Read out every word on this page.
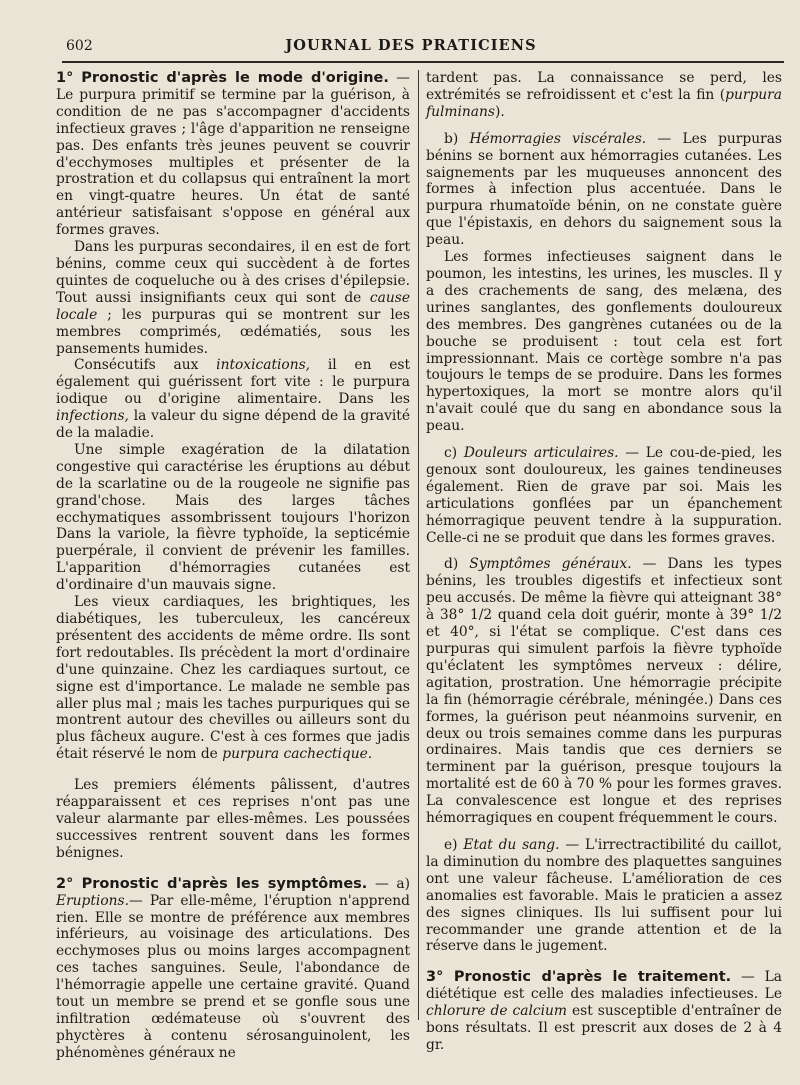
602	JOURNAL DES PRATICIENS

1° Pronostic d'après le mode d'origine. — Le purpura primitif se termine par la guérison, à condition de ne pas s'accompagner d'accidents infectieux graves ; l'âge d'apparition ne renseigne pas. Des enfants très jeunes peuvent se couvrir d'ecchymoses multiples et présenter de la prostration et du collapsus qui entraînent la mort en vingt-quatre heures. Un état de santé antérieur satisfaisant s'oppose en général aux formes graves.

Dans les purpuras secondaires, il en est de fort bénins, comme ceux qui succèdent à de fortes quintes de coqueluche ou à des crises d'épilepsie. Tout aussi insignifiants ceux qui sont de cause locale ; les purpuras qui se montrent sur les membres comprimés, œdématiés, sous les pansements humides.

Consécutifs aux intoxications, il en est également qui guérissent fort vite : le purpura iodique ou d'origine alimentaire. Dans les infections, la valeur du signe dépend de la gravité de la maladie.

Une simple exagération de la dilatation congestive qui caractérise les éruptions au début de la scarlatine ou de la rougeole ne signifie pas grand'chose. Mais des larges tâches ecchymatiques assombrissent toujours l'horizon Dans la variole, la fièvre typhoïde, la septicémie puerpérale, il convient de prévenir les familles. L'apparition d'hémorragies cutanées est d'ordinaire d'un mauvais signe.

Les vieux cardiaques, les brightiques, les diabétiques, les tuberculeux, les cancéreux présentent des accidents de même ordre. Ils sont fort redoutables. Ils précèdent la mort d'ordinaire d'une quinzaine. Chez les cardiaques surtout, ce signe est d'importance. Le malade ne semble pas aller plus mal ; mais les taches purpuriques qui se montrent autour des chevilles ou ailleurs sont du plus fâcheux augure. C'est à ces formes que jadis était réservé le nom de purpura cachectique.

Les premiers éléments pâlissent, d'autres réapparaissent et ces reprises n'ont pas une valeur alarmante par elles-mêmes. Les poussées successives rentrent souvent dans les formes bénignes.

2° Pronostic d'après les symptômes. — a) Eruptions.— Par elle-même, l'éruption n'apprend rien. Elle se montre de préférence aux membres inférieurs, au voisinage des articulations. Des ecchymoses plus ou moins larges accompagnent ces taches sanguines. Seule, l'abondance de l'hémorragie appelle une certaine gravité. Quand tout un membre se prend et se gonfle sous une infiltration œdémateuse où s'ouvrent des phyctères à contenu sérosanguinolent, les phénomènes généraux ne

tardent pas. La connaissance se perd, les extrémités se refroidissent et c'est la fin (purpura fulminans).

b) Hémorragies viscérales. — Les purpuras bénins se bornent aux hémorragies cutanées. Les saignements par les muqueuses annoncent des formes à infection plus accentuée. Dans le purpura rhumatoïde bénin, on ne constate guère que l'épistaxis, en dehors du saignement sous la peau.

Les formes infectieuses saignent dans le poumon, les intestins, les urines, les muscles. Il y a des crachements de sang, des melæna, des urines sanglantes, des gonflements douloureux des membres. Des gangrènes cutanées ou de la bouche se produisent : tout cela est fort impressionnant. Mais ce cortège sombre n'a pas toujours le temps de se produire. Dans les formes hypertoxiques, la mort se montre alors qu'il n'avait coulé que du sang en abondance sous la peau.

c) Douleurs articulaires. — Le cou-de-pied, les genoux sont douloureux, les gaines tendineuses également. Rien de grave par soi. Mais les articulations gonflées par un épanchement hémorragique peuvent tendre à la suppuration. Celle-ci ne se produit que dans les formes graves.

d) Symptômes généraux. — Dans les types bénins, les troubles digestifs et infectieux sont peu accusés. De même la fièvre qui atteignant 38° à 38° 1/2 quand cela doit guérir, monte à 39° 1/2 et 40°, si l'état se complique. C'est dans ces purpuras qui simulent parfois la fièvre typhoïde qu'éclatent les symptômes nerveux : délire, agitation, prostration. Une hémorragie précipite la fin (hémorragie cérébrale, méningée.) Dans ces formes, la guérison peut néanmoins survenir, en deux ou trois semaines comme dans les purpuras ordinaires. Mais tandis que ces derniers se terminent par la guérison, presque toujours la mortalité est de 60 à 70 % pour les formes graves. La convalescence est longue et des reprises hémorragiques en coupent fréquemment le cours.

e) Etat du sang. — L'irrectractibilité du caillot, la diminution du nombre des plaquettes sanguines ont une valeur fâcheuse. L'amélioration de ces anomalies est favorable. Mais le praticien a assez des signes cliniques. Ils lui suffisent pour lui recommander une grande attention et de la réserve dans le jugement.

3° Pronostic d'après le traitement. — La diététique est celle des maladies infectieuses. Le chlorure de calcium est susceptible d'entraîner de bons résultats. Il est prescrit aux doses de 2 à 4 gr.
